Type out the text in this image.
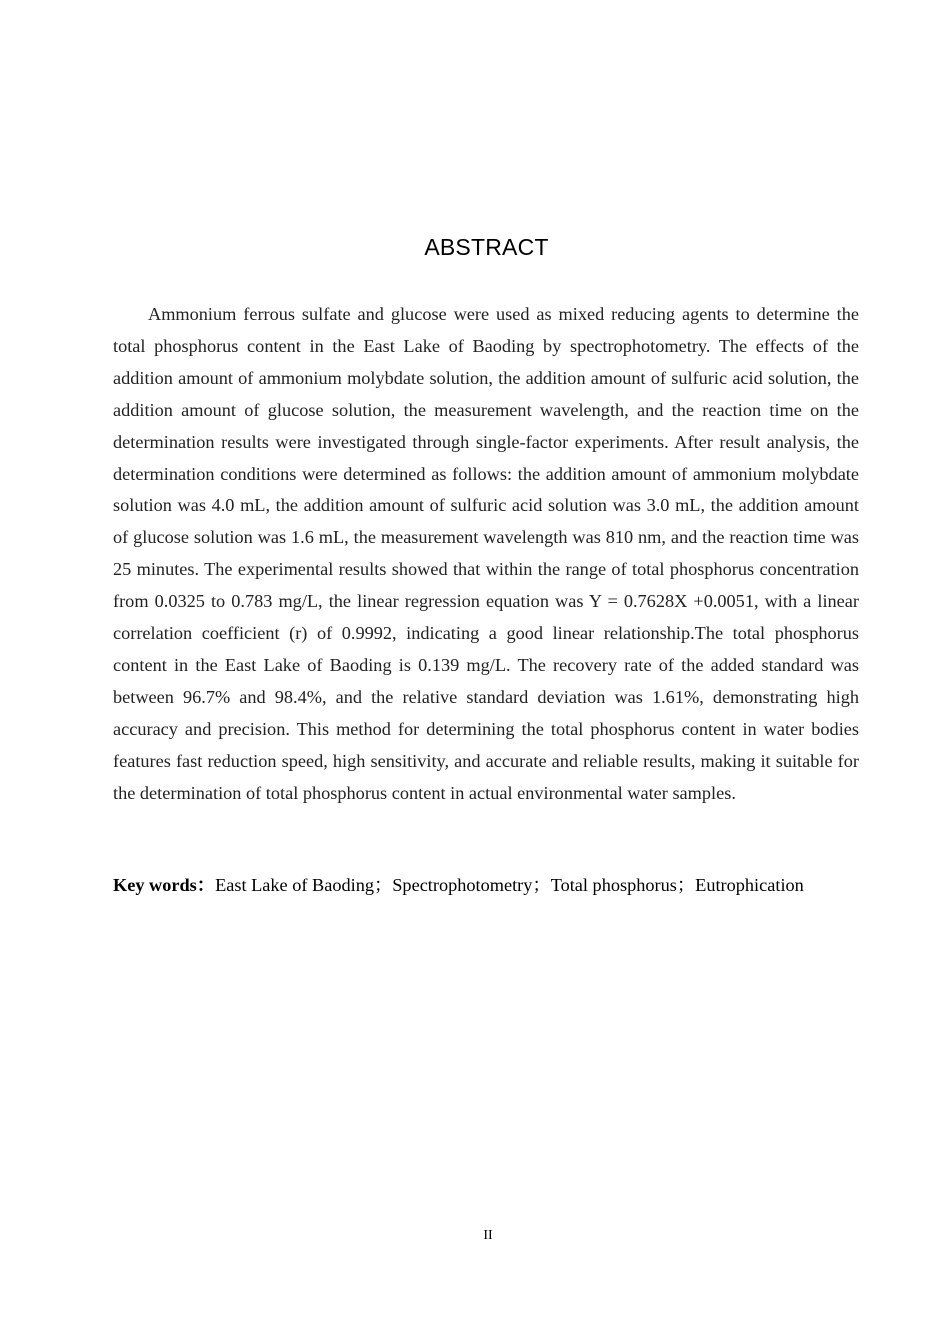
ABSTRACT

Ammonium ferrous sulfate and glucose were used as mixed reducing agents to determine the total phosphorus content in the East Lake of Baoding by spectrophotometry. The effects of the addition amount of ammonium molybdate solution, the addition amount of sulfuric acid solution, the addition amount of glucose solution, the measurement wavelength, and the reaction time on the determination results were investigated through single-factor experiments. After result analysis, the determination conditions were determined as follows: the addition amount of ammonium molybdate solution was 4.0 mL, the addition amount of sulfuric acid solution was 3.0 mL, the addition amount of glucose solution was 1.6 mL, the measurement wavelength was 810 nm, and the reaction time was 25 minutes. The experimental results showed that within the range of total phosphorus concentration from 0.0325 to 0.783 mg/L, the linear regression equation was Y = 0.7628X +0.0051, with a linear correlation coefficient (r) of 0.9992, indicating a good linear relationship.The total phosphorus content in the East Lake of Baoding is 0.139 mg/L. The recovery rate of the added standard was between 96.7% and 98.4%, and the relative standard deviation was 1.61%, demonstrating high accuracy and precision. This method for determining the total phosphorus content in water bodies features fast reduction speed, high sensitivity, and accurate and reliable results, making it suitable for the determination of total phosphorus content in actual environmental water samples.

Key words：East Lake of Baoding；Spectrophotometry；Total phosphorus；Eutrophication

II
